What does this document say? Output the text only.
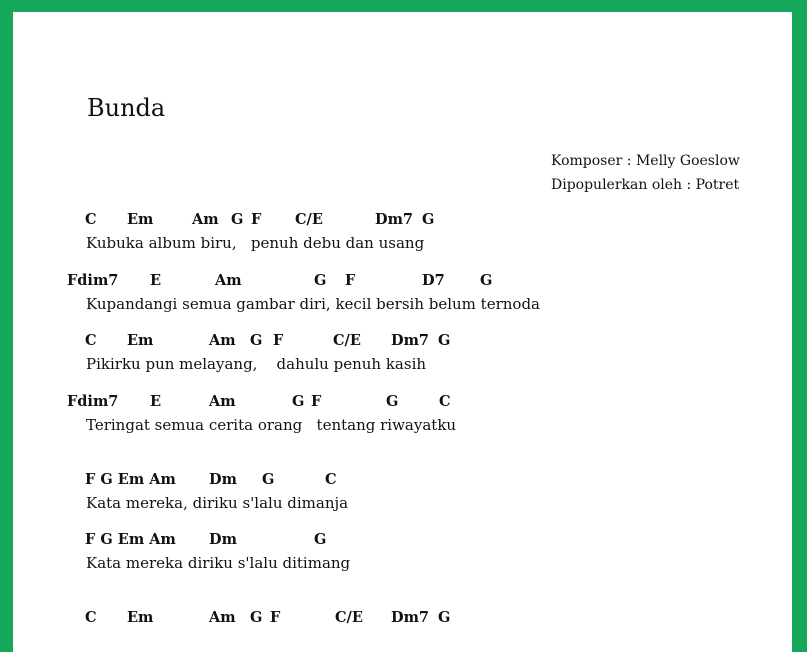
Bunda
Komposer : Melly Goeslow
Dipopulerkan oleh : Potret
C Em	Am G F C/E	Dm7 G
Kubuka album biru,   penuh debu dan usang
Fdim7 E	Am	G F	D7 G
Kupandangi semua gambar diri, kecil bersih belum ternoda
C Em	Am G F	C/E Dm7 G
Pikirku pun melayang,    dahulu penuh kasih
Fdim7 E	Am	G F	G	C
Teringat semua cerita orang   tentang riwayatku
F G Em Am Dm G	C
Kata mereka, diriku s'lalu dimanja
F G Em Am Dm	G
Kata mereka diriku s'lalu ditimang
C Em	Am G F	C/E Dm7 G
